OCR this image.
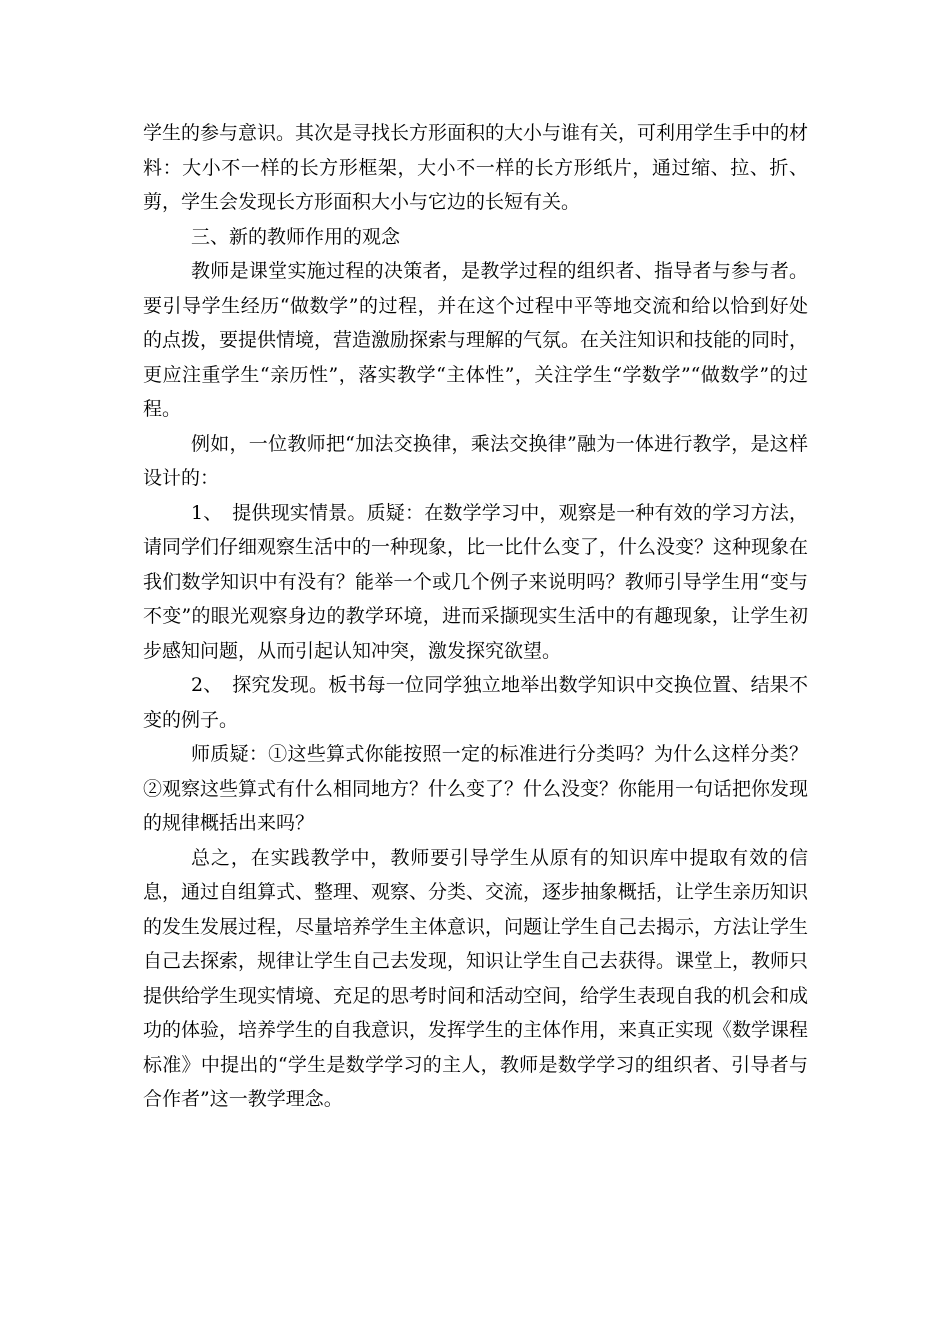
学生的参与意识。其次是寻找长方形面积的大小与谁有关，可利用学生手中的材料：大小不一样的长方形框架，大小不一样的长方形纸片，通过缩、拉、折、剪，学生会发现长方形面积大小与它边的长短有关。

三、新的教师作用的观念

教师是课堂实施过程的决策者，是教学过程的组织者、指导者与参与者。要引导学生经历“做数学”的过程，并在这个过程中平等地交流和给以恰到好处的点拨，要提供情境，营造激励探索与理解的气氛。在关注知识和技能的同时，更应注重学生“亲历性”，落实教学“主体性”，关注学生“学数学”“做数学”的过程。

例如，一位教师把“加法交换律，乘法交换律”融为一体进行教学，是这样设计的：

1、　提供现实情景。质疑：在数学学习中，观察是一种有效的学习方法，请同学们仔细观察生活中的一种现象，比一比什么变了，什么没变？这种现象在我们数学知识中有没有？能举一个或几个例子来说明吗？教师引导学生用“变与不变”的眼光观察身边的教学环境，进而采撷现实生活中的有趣现象，让学生初步感知问题，从而引起认知冲突，激发探究欲望。

2、　探究发现。板书每一位同学独立地举出数学知识中交换位置、结果不变的例子。

师质疑：①这些算式你能按照一定的标准进行分类吗？为什么这样分类？②观察这些算式有什么相同地方？什么变了？什么没变？你能用一句话把你发现的规律概括出来吗？

总之，在实践教学中，教师要引导学生从原有的知识库中提取有效的信息，通过自组算式、整理、观察、分类、交流，逐步抽象概括，让学生亲历知识的发生发展过程，尽量培养学生主体意识，问题让学生自己去揭示，方法让学生自己去探索，规律让学生自己去发现，知识让学生自己去获得。课堂上，教师只提供给学生现实情境、充足的思考时间和活动空间，给学生表现自我的机会和成功的体验，培养学生的自我意识，发挥学生的主体作用，来真正实现《数学课程标准》中提出的“学生是数学学习的主人，教师是数学学习的组织者、引导者与合作者”这一教学理念。
